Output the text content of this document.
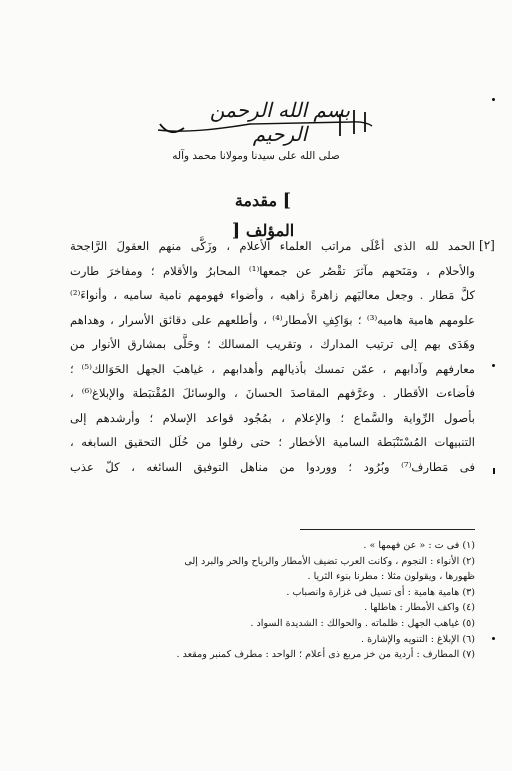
بسم الله الرحمن الرحيم
صلى الله على سيدنا ومولانا محمد وآله
] مقدمة المؤلف [
[٢]
الحمد لله الذى أعْلَى مراتب العلماء الأعلام ، وزَكَّى منهم العقولَ الرَّاجحة
والأحلام ، ومَنَحهم مآثرَ تقْصُر عن جمعها⁽¹⁾ المحابرُ والأقلام ؛ ومفاخرَ طارت
كلَّ مَطار . وجعل معاليَهم زاهرةً زاهيه ، وأضواء فهومهم نامية ساميه ، وأنواءَ⁽²⁾
علومهم هامية هاميه⁽³⁾ ؛ بوَاكِفِ الأمطار⁽⁴⁾ ، وأطلعهم على دقائق الأسرار ، وهداهم
وهَدَى بهم إلى ترتيب المدارك ، وتقريب المسالك ؛ وحَلَّى بمشارق الأنوار من
معارفهم وآدابهم ، عمّن تمسك بأذيالهم وأهدابهم ، غياهبَ الجهل الحَوَالك⁽⁵⁾ ؛
فأضاءت الأقطار . وعرَّفهم المقاصدَ الحسانَ ، والوسائلَ المُقْتبَطة والإبلاغ⁽⁶⁾ ،
بأصول الرِّواية والسَّماع ؛ والإعلام ، بمُجُود قواعد الإسلام ؛ وأرشدهم إلى
التنبيهات المُسْتَنْبَطة السامية الأخطار ؛ حتى رفلوا من حُلَل التحقيق السابغه ،
فى مَطارف⁽⁷⁾ وبُرُود ؛ ووردوا من مناهل التوفيق السائغه ، كلّ عذب
(١) فى ت : « عن فهمها » .
(٢) الأنواء : النجوم ، وكانت العرب تضيف الأمطار والرياح والحر والبرد إلى
ظهورها ، ويقولون مثلا : مطرنا بنوء الثريا .
(٣) هامية هامية : أى تسيل فى غزارة وانصباب .
(٤) واكف الأمطار : هاطلها .
(٥) غياهب الجهل : ظلماته . والحوالك : الشديدة السواد .
(٦) الإبلاغ : التنويه والإشارة .
(٧) المطارف : أردية من خز مربع ذى أعلام ؛ الواحد : مطرف كمنبر ومقعد .
